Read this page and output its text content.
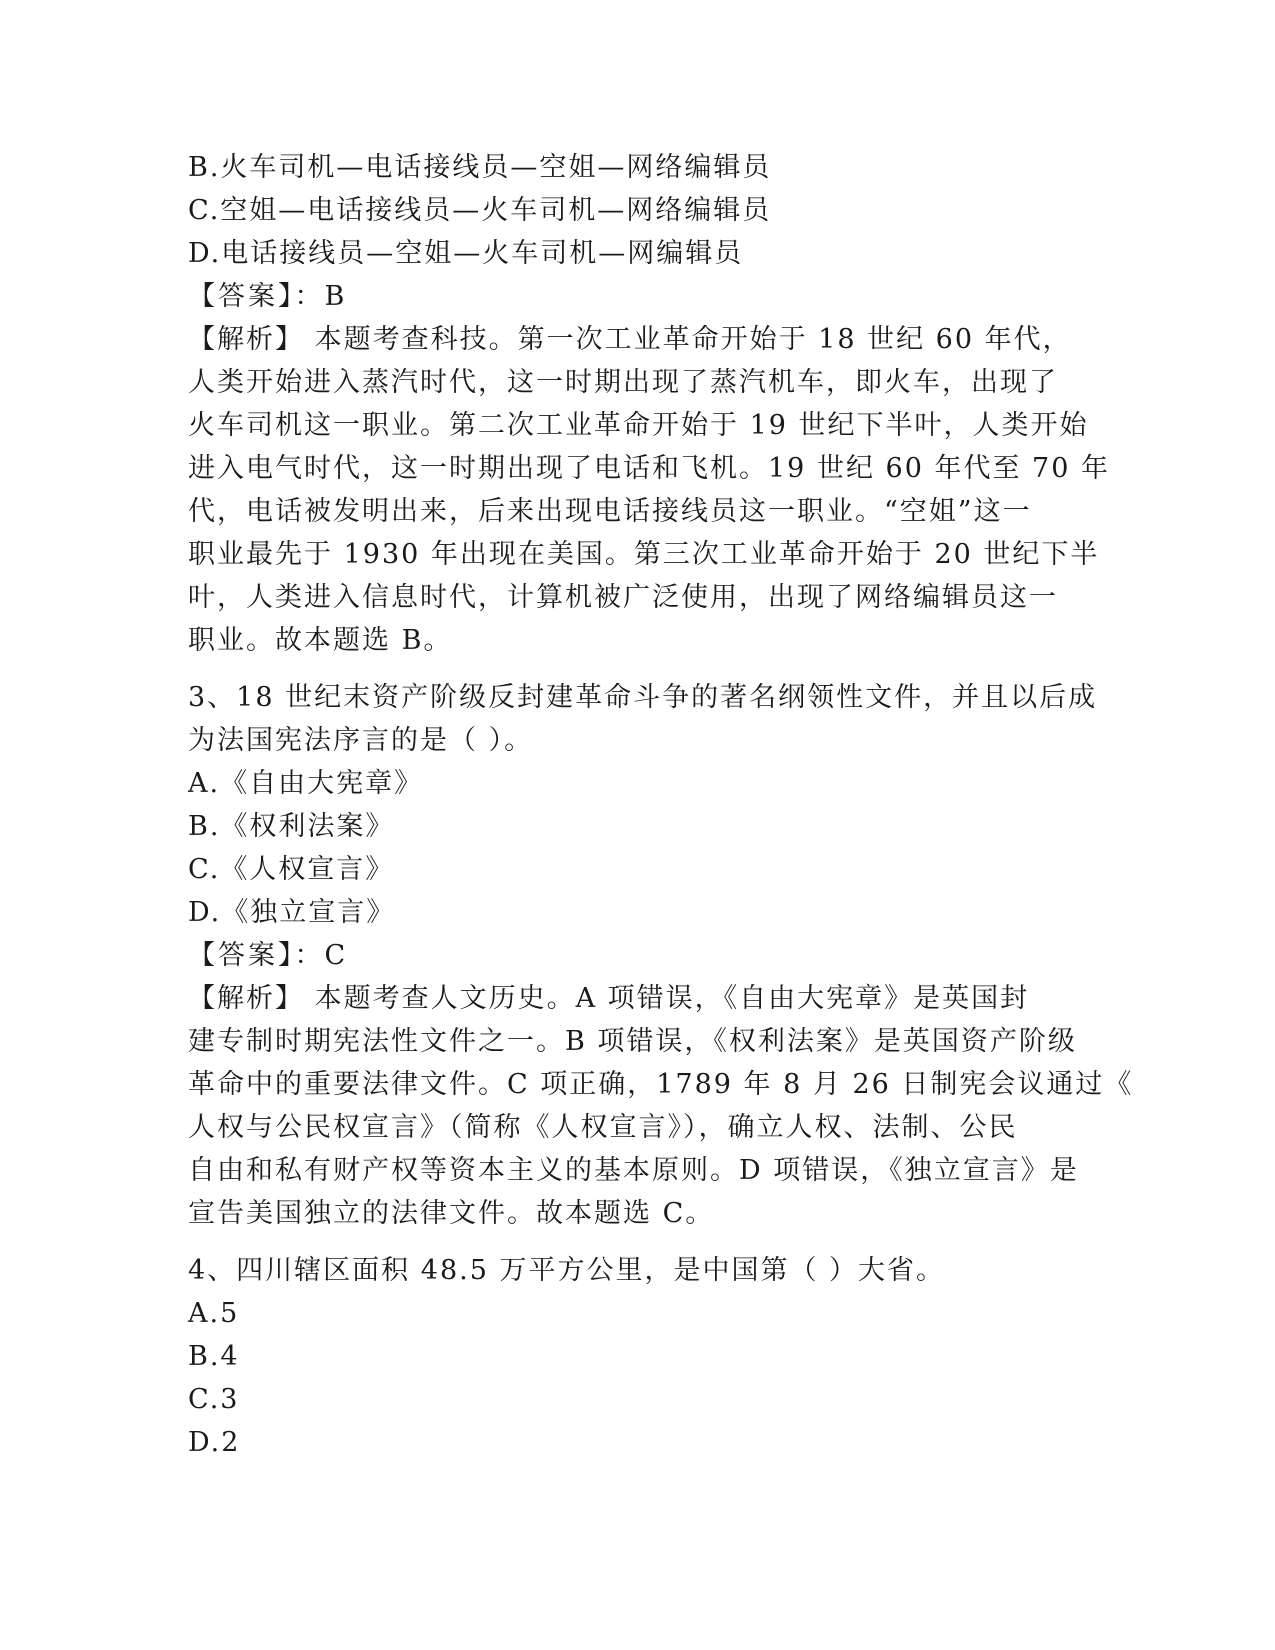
B.火车司机—电话接线员—空姐—网络编辑员
C.空姐—电话接线员—火车司机—网络编辑员
D.电话接线员—空姐—火车司机—网编辑员
【答案】：B
【解析】 本题考查科技。第一次工业革命开始于 18 世纪 60 年代，
人类开始进入蒸汽时代，这一时期出现了蒸汽机车，即火车，出现了
火车司机这一职业。第二次工业革命开始于 19 世纪下半叶，人类开始
进入电气时代，这一时期出现了电话和飞机。19 世纪 60 年代至 70 年
代，电话被发明出来，后来出现电话接线员这一职业。“空姐”这一
职业最先于 1930 年出现在美国。第三次工业革命开始于 20 世纪下半
叶，人类进入信息时代，计算机被广泛使用，出现了网络编辑员这一
职业。故本题选 B。
3、18 世纪末资产阶级反封建革命斗争的著名纲领性文件，并且以后成
为法国宪法序言的是（ ）。
A.《自由大宪章》
B.《权利法案》
C.《人权宣言》
D.《独立宣言》
【答案】：C
【解析】 本题考查人文历史。A 项错误，《自由大宪章》是英国封
建专制时期宪法性文件之一。B 项错误，《权利法案》是英国资产阶级
革命中的重要法律文件。C 项正确，1789 年 8 月 26 日制宪会议通过《
人权与公民权宣言》（简称《人权宣言》），确立人权、法制、公民
自由和私有财产权等资本主义的基本原则。D 项错误，《独立宣言》是
宣告美国独立的法律文件。故本题选 C。
4、四川辖区面积 48.5 万平方公里，是中国第（ ）大省。
A.5
B.4
C.3
D.2
